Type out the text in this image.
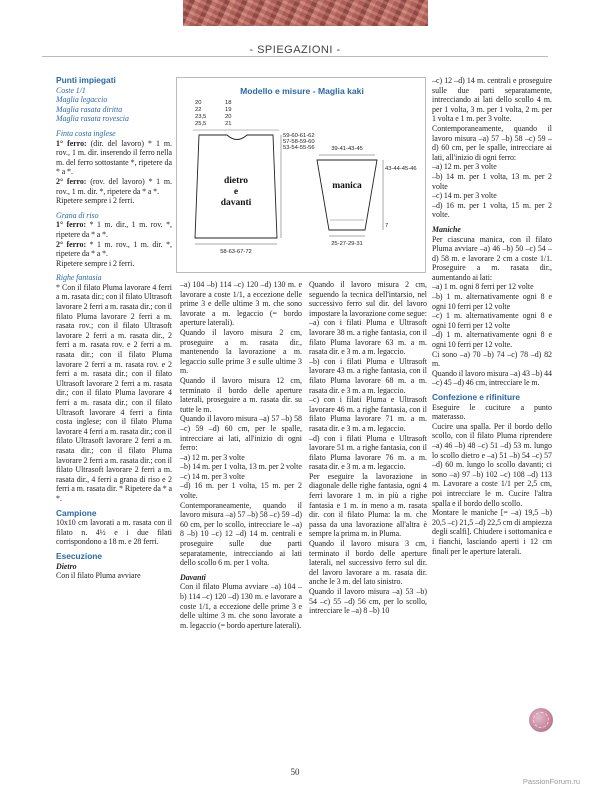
- SPIEGAZIONI -
Punti impiegati
Coste 1/1
Maglia legaccio
Maglia rasata diritta
Maglia rasata rovescia
Finta costa inglese
1° ferro: (dir. del lavoro) * 1 m. rov., 1 m. dir. inserendo il ferro nella m. del ferro sottostante *, ripetere da * a *.
2° ferro: (rov. del lavoro) * 1 m. rov., 1 m. dir. *, ripetere da * a *.
Ripetere sempre i 2 ferri.
Grana di riso
1° ferro: * 1 m. dir., 1 m. rov. *, ripetere da * a *.
2° ferro: * 1 m. rov., 1 m. dir. *, ripetere da * a *.
Ripetere sempre i 2 ferri.
Righe fantasia
* Con il filato Pluma lavorare 4 ferri a m. rasata dir.; con il filato Ultrasoft lavorare 2 ferri a m. rasata dir.; con il filato Pluma lavorare 2 ferri a m. rasata rov.; con il filato Ultrasoft lavorare 2 ferri a m. rasata dir., 2 ferri a m. rasata rov. e 2 ferri a m. rasata dir.; con il filato Pluma lavorare 2 ferri a m. rasata rov. e 2 ferri a m. rasata dir.; con il filato Ultrasoft lavorare 2 ferri a m. rasata dir.; con il filato Pluma lavorare 4 ferri a m. rasata dir.; con il filato Ultrasoft lavorare 4 ferri a finta costa inglese; con il filato Pluma lavorare 4 ferri a m. rasata dir.; con il filato Ultrasoft lavorare 2 ferri a m. rasata dir.; con il filato Pluma lavorare 2 ferri a m. rasata dir.; con il filato Ultrasoft lavorare 2 ferri a m. rasata dir., 4 ferri a grana di riso e 2 ferri a m. rasata dir. * Ripetere da * a *.
Campione
10x10 cm lavorati a m. rasata con il filato n. 4½ e i due filati corrispondono a 18 m. e 28 ferri.
Esecuzione
Dietro
Con il filato Pluma avviare
Modello e misure - Maglia kaki
20
22
23,5
25,5
18
19
20
21
59-60-61-62
57-58-59-60
53-54-55-56
dietro
e
davanti
58-63-67-72
39-41-43-45
manica
43-44-45-46
7
25-27-29-31
–a) 104 –b) 114 –c) 120 –d) 130 m. e lavorare a coste 1/1, a eccezione delle prime 3 e delle ultime 3 m. che sono lavorate a m. legaccio (= bordo aperture laterali).
Quando il lavoro misura 2 cm, proseguire a m. rasata dir., mantenendo la lavorazione a m. legaccio sulle prime 3 e sulle ultime 3 m.
Quando il lavoro misura 12 cm, terminato il bordo delle aperture laterali, proseguire a m. rasata dir. su tutte le m.
Quando il lavoro misura –a) 57 –b) 58 –c) 59 –d) 60 cm, per le spalle, intrecciare ai lati, all'inizio di ogni ferro:
–a) 12 m. per 3 volte
–b) 14 m. per 1 volta, 13 m. per 2 volte
–c) 14 m. per 3 volte
–d) 16 m. per 1 volta, 15 m. per 2 volte.
Contemporaneamente, quando il lavoro misura –a) 57 –b) 58 –c) 59 –d) 60 cm, per lo scollo, intrecciare le –a) 8 –b) 10 –c) 12 –d) 14 m. centrali e proseguire sulle due parti separatamente, intrecciando ai lati dello scollo 6 m. per 1 volta.
Davanti
Con il filato Pluma avviare –a) 104 –b) 114 –c) 120 –d) 130 m. e lavorare a coste 1/1, a eccezione delle prime 3 e delle ultime 3 m. che sono lavorate a m. legaccio (= bordo aperture laterali).
Quando il lavoro misura 2 cm, seguendo la tecnica dell'intarsio, nel successivo ferro sul dir. del lavoro impostare la lavorazione come segue:
–a) con i filati Pluma e Ultrasoft lavorare 38 m. a righe fantasia, con il filato Pluma lavorare 63 m. a m. rasata dir. e 3 m. a m. legaccio.
–b) con i filati Pluma e Ultrasoft lavorare 43 m. a righe fantasia, con il filato Pluma lavorare 68 m. a m. rasata dir. e 3 m. a m. legaccio.
–c) con i filati Pluma e Ultrasoft lavorare 46 m. a righe fantasia, con il filato Pluma lavorare 71 m. a m. rasata dir. e 3 m. a m. legaccio.
–d) con i filati Pluma e Ultrasoft lavorare 51 m. a righe fantasia, con il filato Pluma lavorare 76 m. a m. rasata dir. e 3 m. a m. legaccio.
Per eseguire la lavorazione in diagonale delle righe fantasia, ogni 4 ferri lavorare 1 m. in più a righe fantasia e 1 m. in meno a m. rasata dir. con il filato Pluma: la m. che passa da una lavorazione all'altra è sempre la prima m. in Pluma.
Quando il lavoro misura 3 cm, terminato il bordo delle aperture laterali, nel successivo ferro sul dir. del lavoro lavorare a m. rasata dir. anche le 3 m. del lato sinistro.
Quando il lavoro misura –a) 53 –b) 54 –c) 55 –d) 56 cm, per lo scollo, intrecciare le –a) 8 –b) 10
–c) 12 –d) 14 m. centrali e proseguire sulle due parti separatamente, intrecciando ai lati dello scollo 4 m. per 1 volta, 3 m. per 1 volta, 2 m. per 1 volta e 1 m. per 3 volte.
Contemporaneamente, quando il lavoro misura –a) 57 –b) 58 –c) 59 –d) 60 cm, per le spalle, intrecciare ai lati, all'inizio di ogni ferro:
–a) 12 m. per 3 volte
–b) 14 m. per 1 volta, 13 m. per 2 volte
–c) 14 m. per 3 volte
–d) 16 m. per 1 volta, 15 m. per 2 volte.
Maniche
Per ciascuna manica, con il filato Pluma avviare –a) 46 –b) 50 –c) 54 –d) 58 m. e lavorare 2 cm a coste 1/1. Proseguire a m. rasata dir., aumentando ai lati:
–a) 1 m. ogni 8 ferri per 12 volte
–b) 1 m. alternativamente ogni 8 e ogni 10 ferri per 12 volte
–c) 1 m. alternativamente ogni 8 e ogni 10 ferri per 12 volte
–d) 1 m. alternativamente ogni 8 e ogni 10 ferri per 12 volte.
Ci sono –a) 70 –b) 74 –c) 78 –d) 82 m.
Quando il lavoro misura –a) 43 –b) 44 –c) 45 –d) 46 cm, intrecciare le m.
Confezione e rifiniture
Eseguire le cuciture a punto materasso.
Cucire una spalla. Per il bordo dello scollo, con il filato Pluma riprendere –a) 46 –b) 48 –c) 51 –d) 53 m. lungo lo scollo dietro e –a) 51 –b) 54 –c) 57 –d) 60 m. lungo lo scollo davanti; ci sono –a) 97 –b) 102 –c) 108 –d) 113 m. Lavorare a coste 1/1 per 2,5 cm, poi intrecciare le m. Cucire l'altra spalla e il bordo dello scollo.
Montare le maniche [= –a) 19,5 –b) 20,5 –c) 21,5 –d) 22,5 cm di ampiezza degli scalfi]. Chiudere i sottomanica e i fianchi, lasciando aperti i 12 cm finali per le aperture laterali.
50
PassionForum.ru
